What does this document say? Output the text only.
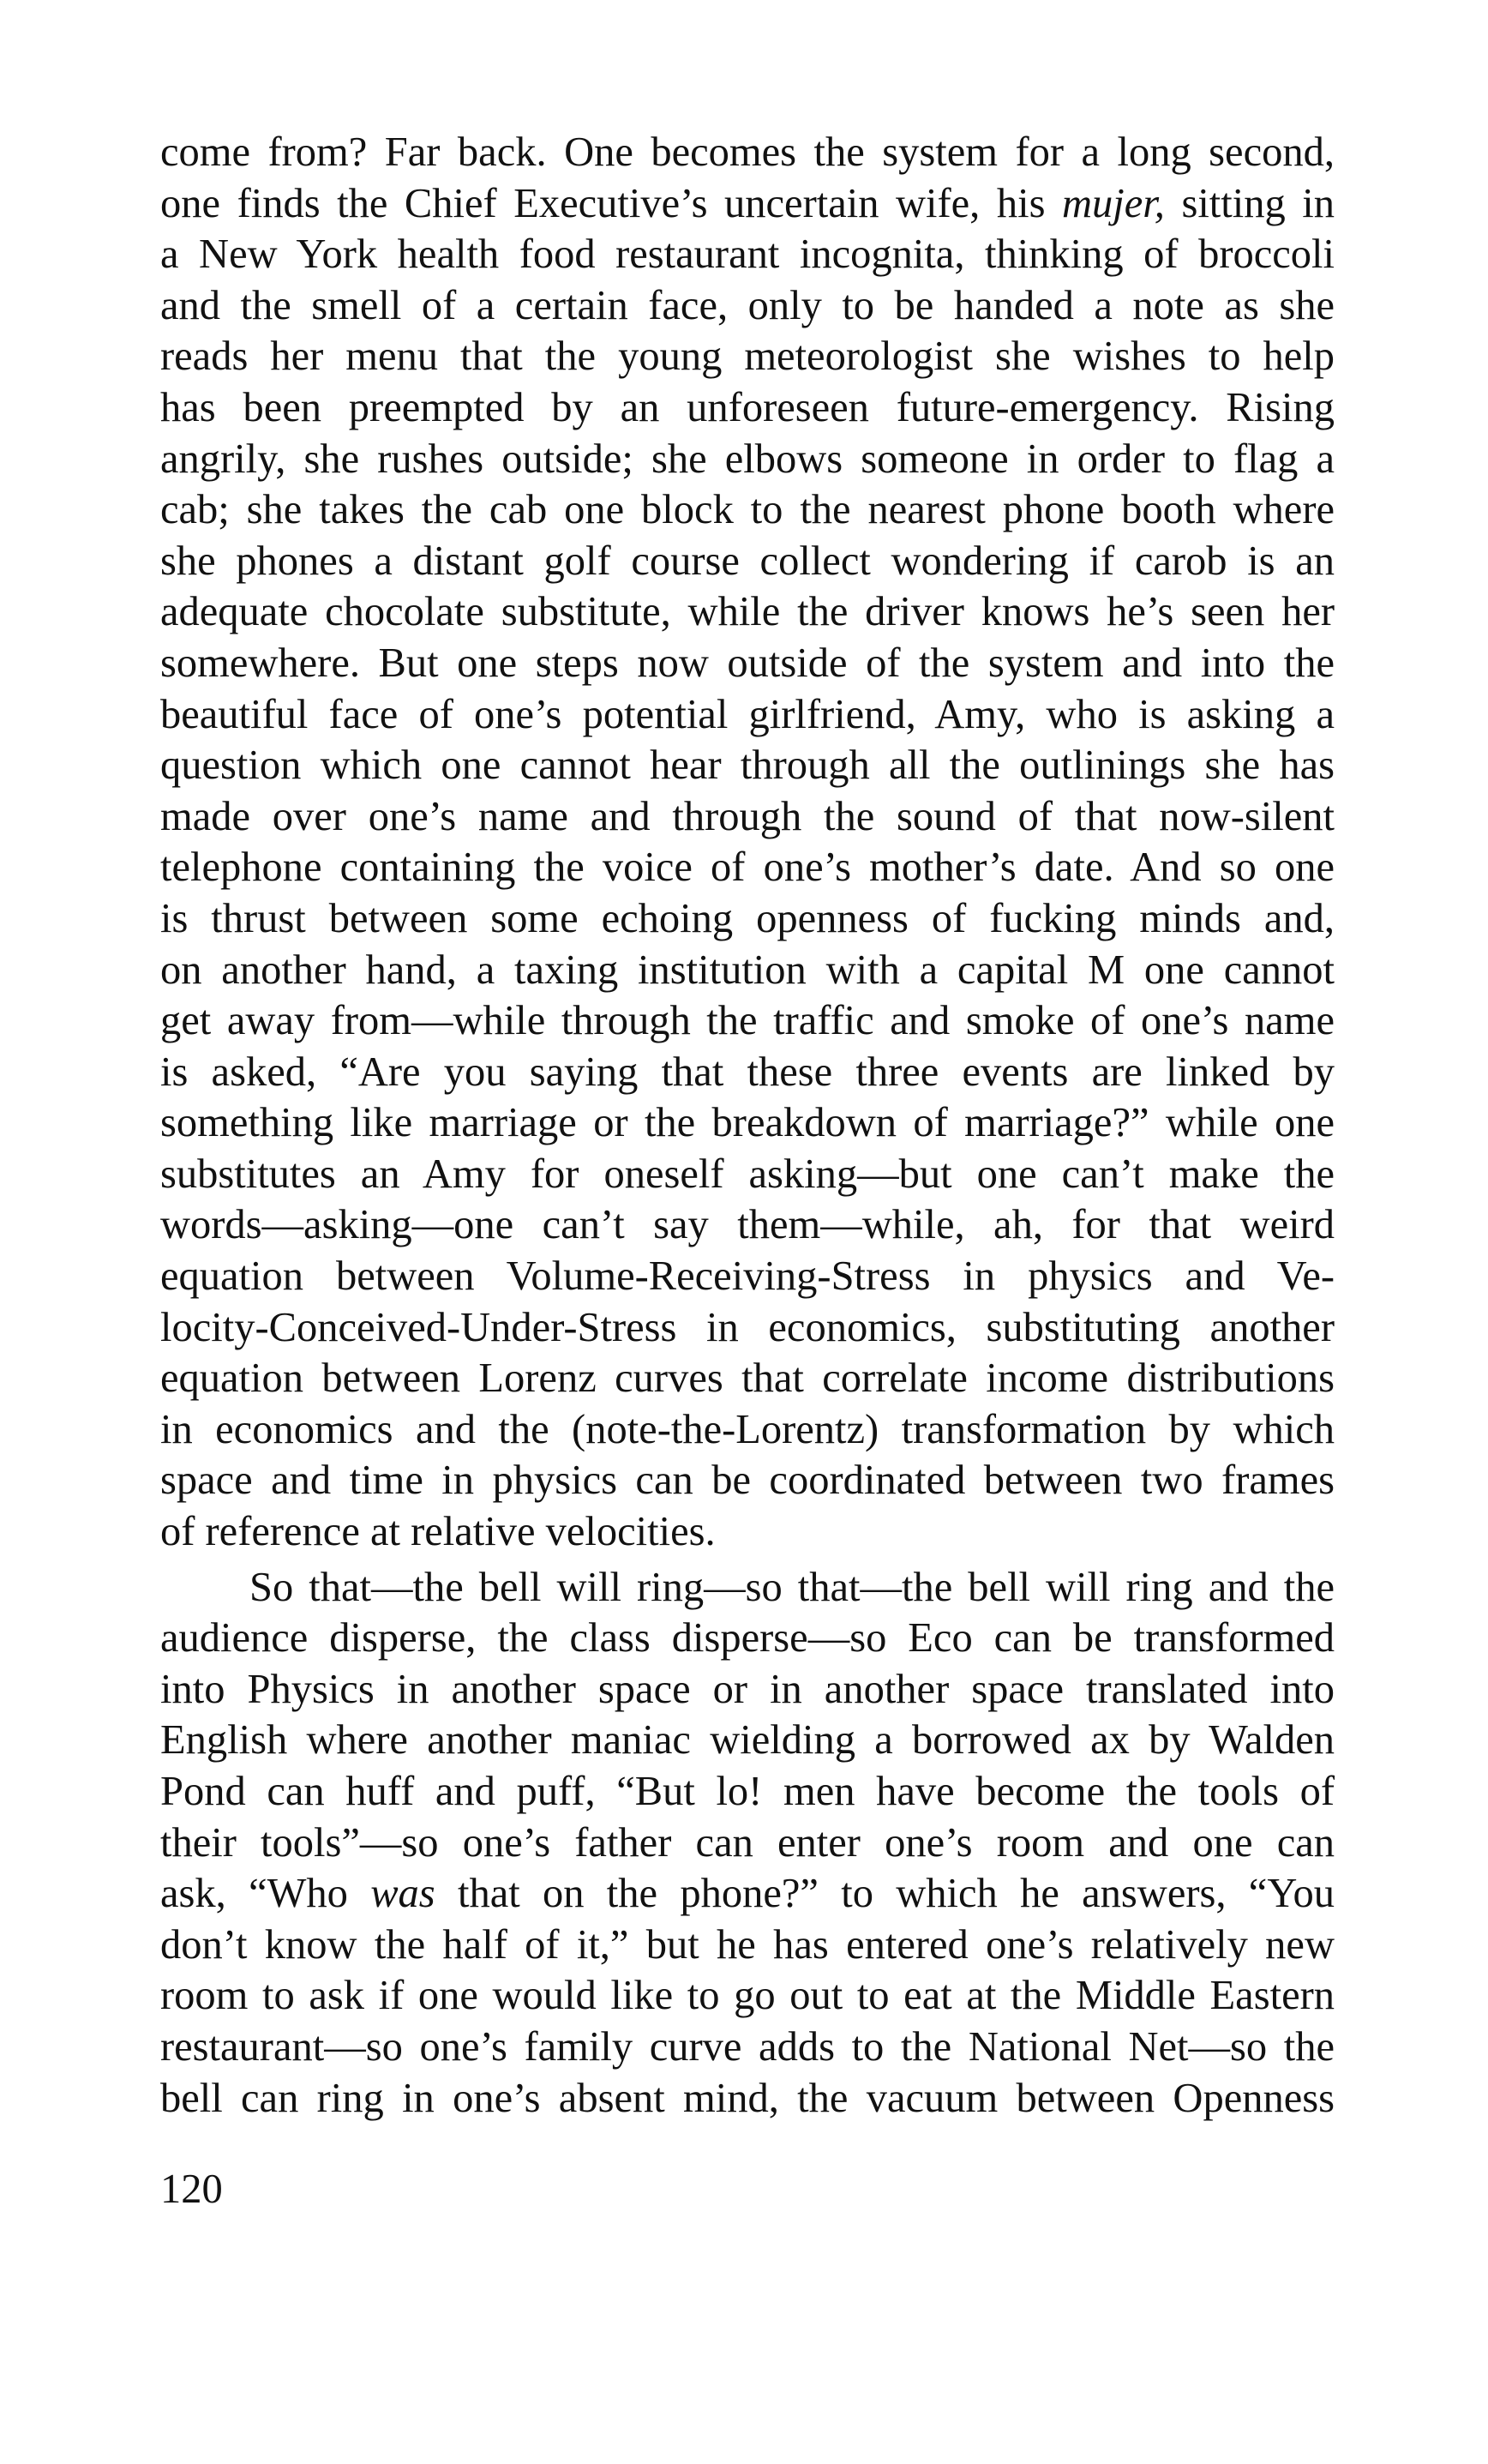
come from? Far back. One becomes the system for a long second,
one finds the Chief Executive’s uncertain wife, his mujer, sitting in
a New York health food restaurant incognita, thinking of broccoli
and the smell of a certain face, only to be handed a note as she
reads her menu that the young meteorologist she wishes to help
has been preempted by an unforeseen future-emergency. Rising
angrily, she rushes outside; she elbows someone in order to flag a
cab; she takes the cab one block to the nearest phone booth where
she phones a distant golf course collect wondering if carob is an
adequate chocolate substitute, while the driver knows he’s seen her
somewhere. But one steps now outside of the system and into the
beautiful face of one’s potential girlfriend, Amy, who is asking a
question which one cannot hear through all the outlinings she has
made over one’s name and through the sound of that now-silent
telephone containing the voice of one’s mother’s date. And so one
is thrust between some echoing openness of fucking minds and,
on another hand, a taxing institution with a capital M one cannot
get away from—while through the traffic and smoke of one’s name
is asked, “Are you saying that these three events are linked by
something like marriage or the breakdown of marriage?” while one
substitutes an Amy for oneself asking—but one can’t make the
words—asking—one can’t say them—while, ah, for that weird
equation between Volume-Receiving-Stress in physics and Ve-
locity-Conceived-Under-Stress in economics, substituting another
equation between Lorenz curves that correlate income distributions
in economics and the (note-the-Lorentz) transformation by which
space and time in physics can be coordinated between two frames
of reference at relative velocities.
So that—the bell will ring—so that—the bell will ring and the
audience disperse, the class disperse—so Eco can be transformed
into Physics in another space or in another space translated into
English where another maniac wielding a borrowed ax by Walden
Pond can huff and puff, “But lo! men have become the tools of
their tools”—so one’s father can enter one’s room and one can
ask, “Who was that on the phone?” to which he answers, “You
don’t know the half of it,” but he has entered one’s relatively new
room to ask if one would like to go out to eat at the Middle Eastern
restaurant—so one’s family curve adds to the National Net—so the
bell can ring in one’s absent mind, the vacuum between Openness
120
